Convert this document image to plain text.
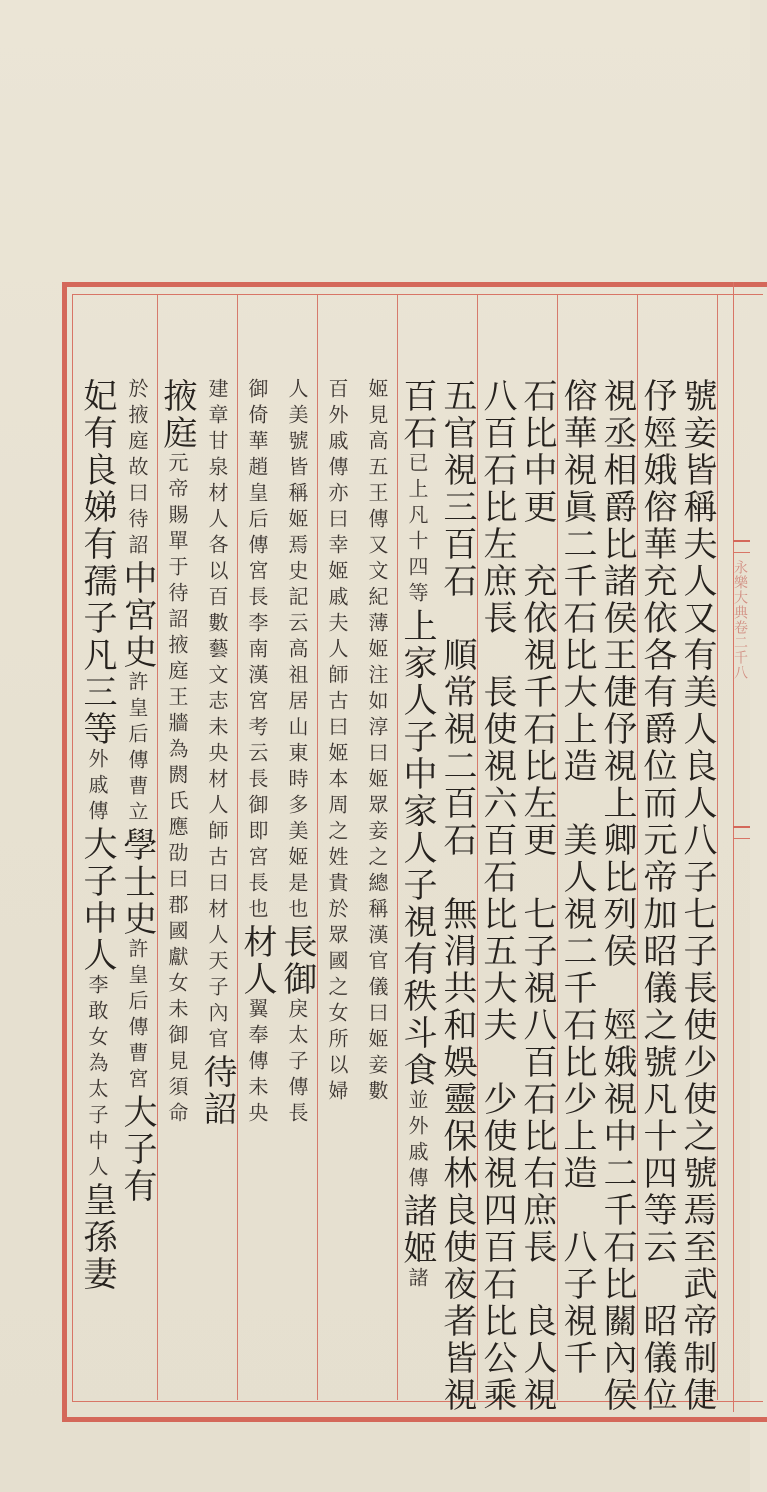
永樂大典卷二千八
號妾皆稱夫人又有美人良人八子七子長使少使之號焉至武帝制倢
伃娙娥傛華充依各有爵位而元帝加昭儀之號凡十四等云　昭儀位
視丞相爵比諸侯王倢伃視上卿比列侯　娙娥視中二千石比關內侯
傛華視眞二千石比大上造　美人視二千石比少上造　八子視千
石比中更　充依視千石比左更　七子視八百石比右庶長　良人視
八百石比左庶長　長使視六百石比五大夫　少使視四百石比公乘
五官視三百石　順常視二百石　無涓共和娛靈保林良使夜者皆視
百石已上凡十四等上家人子中家人子視有秩斗食並外戚傳諸姬諸
姬見高五王傳又文紀薄姬注如淳曰姬眾妾之總稱漢官儀曰姬妾數
百外戚傳亦曰幸姬戚夫人師古曰姬本周之姓貴於眾國之女所以婦
人美號皆稱姬焉史記云高祖居山東時多美姬是也長御戾太子傳長
御倚華趙皇后傳宮長李南漢宮考云長御即宮長也材人翼奉傳未央
建章甘泉材人各以百數藝文志未央材人師古曰材人天子內官待詔
掖庭元帝賜單于待詔掖庭王牆為閼氏應劭曰郡國獻女未御見須命
於掖庭故曰待詔中宮史許皇后傳曹立學士史許皇后傳曹宮大子有
妃有良娣有孺子凡三等外戚傳大子中人李敢女為太子中人皇孫妻
